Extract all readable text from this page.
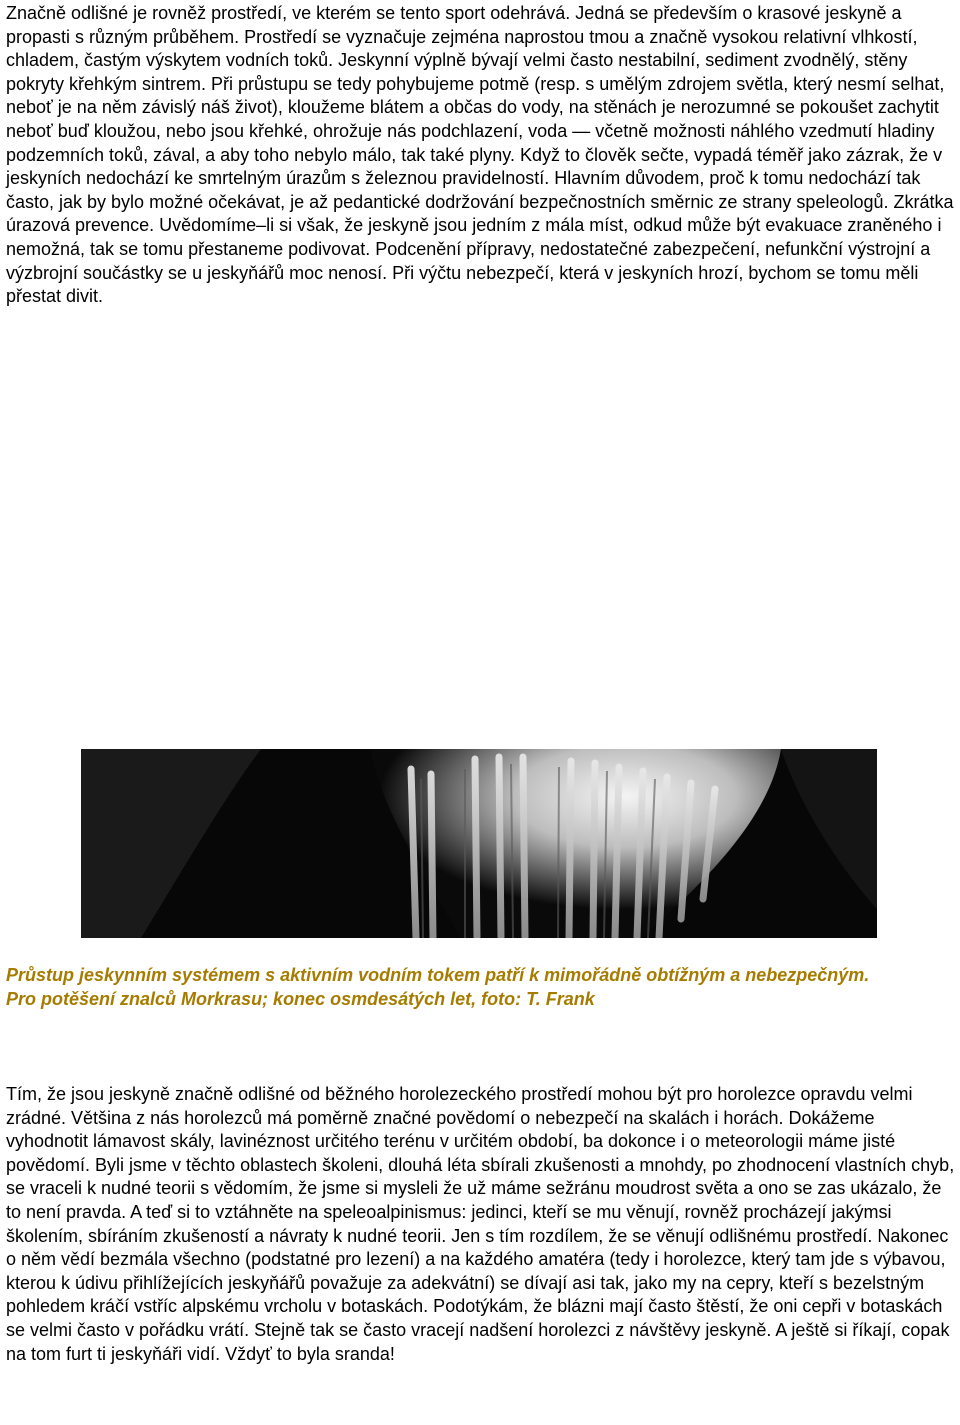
Značně odlišné je rovněž prostředí, ve kterém se tento sport odehrává. Jedná se především o krasové jeskyně a propasti s různým průběhem. Prostředí se vyznačuje zejména naprostou tmou a značně vysokou relativní vlhkostí, chladem, častým výskytem vodních toků. Jeskynní výplně bývají velmi často nestabilní, sediment zvodnělý, stěny pokryty křehkým sintrem. Při průstupu se tedy pohybujeme potmě (resp. s umělým zdrojem světla, který nesmí selhat, neboť je na něm závislý náš život), kloužeme blátem a občas do vody, na stěnách je nerozumné se pokoušet zachytit neboť buď kloužou, nebo jsou křehké, ohrožuje nás podchlazení, voda — včetně možnosti náhlého vzedmutí hladiny podzemních toků, zával, a aby toho nebylo málo, tak také plyny. Když to člověk sečte, vypadá téměř jako zázrak, že v jeskyních nedochází ke smrtelným úrazům s železnou pravidelností. Hlavním důvodem, proč k tomu nedochází tak často, jak by bylo možné očekávat, je až pedantické dodržování bezpečnostních směrnic ze strany speleologů. Zkrátka úrazová prevence. Uvědomíme–li si však, že jeskyně jsou jedním z mála míst, odkud může být evakuace zraněného i nemožná, tak se tomu přestaneme podivovat. Podcenění přípravy, nedostatečné zabezpečení, nefunkční výstrojní a výzbrojní součástky se u jeskyňářů moc nenosí. Při výčtu nebezpečí, která v jeskyních hrozí, bychom se tomu měli přestat divit.

Průstup jeskynním systémem s aktivním vodním tokem patří k mimořádně obtížným a nebezpečným.

Pro potěšení znalců Morkrasu; konec osmdesátých let, foto: T. Frank

Tím, že jsou jeskyně značně odlišné od běžného horolezeckého prostředí mohou být pro horolezce opravdu velmi zrádné. Většina z nás horolezců má poměrně značné povědomí o nebezpečí na skalách i horách. Dokážeme vyhodnotit lámavost skály, lavinéznost určitého terénu v určitém období, ba dokonce i o meteorologii máme jisté povědomí. Byli jsme v těchto oblastech školeni, dlouhá léta sbírali zkušenosti a mnohdy, po zhodnocení vlastních chyb, se vraceli k nudné teorii s vědomím, že jsme si mysleli že už máme sežránu moudrost světa a ono se zas ukázalo, že to není pravda. A teď si to vztáhněte na speleoalpinismus: jedinci, kteří se mu věnují, rovněž procházejí jakýmsi školením, sbíráním zkušeností a návraty k nudné teorii. Jen s tím rozdílem, že se věnují odlišnému prostředí. Nakonec o něm vědí bezmála všechno (podstatné pro lezení) a na každého amatéra (tedy i horolezce, který tam jde s výbavou, kterou k údivu přihlížejících jeskyňářů považuje za adekvátní) se dívají asi tak, jako my na cepry, kteří s bezelstným pohledem kráčí vstříc alpskému vrcholu v botaskách. Podotýkám, že blázni mají často štěstí, že oni cepři v botaskách se velmi často v pořádku vrátí. Stejně tak se často vracejí nadšení horolezci z návštěvy jeskyně. A ještě si říkají, copak na tom furt ti jeskyňáři vidí. Vždyť to byla sranda!
